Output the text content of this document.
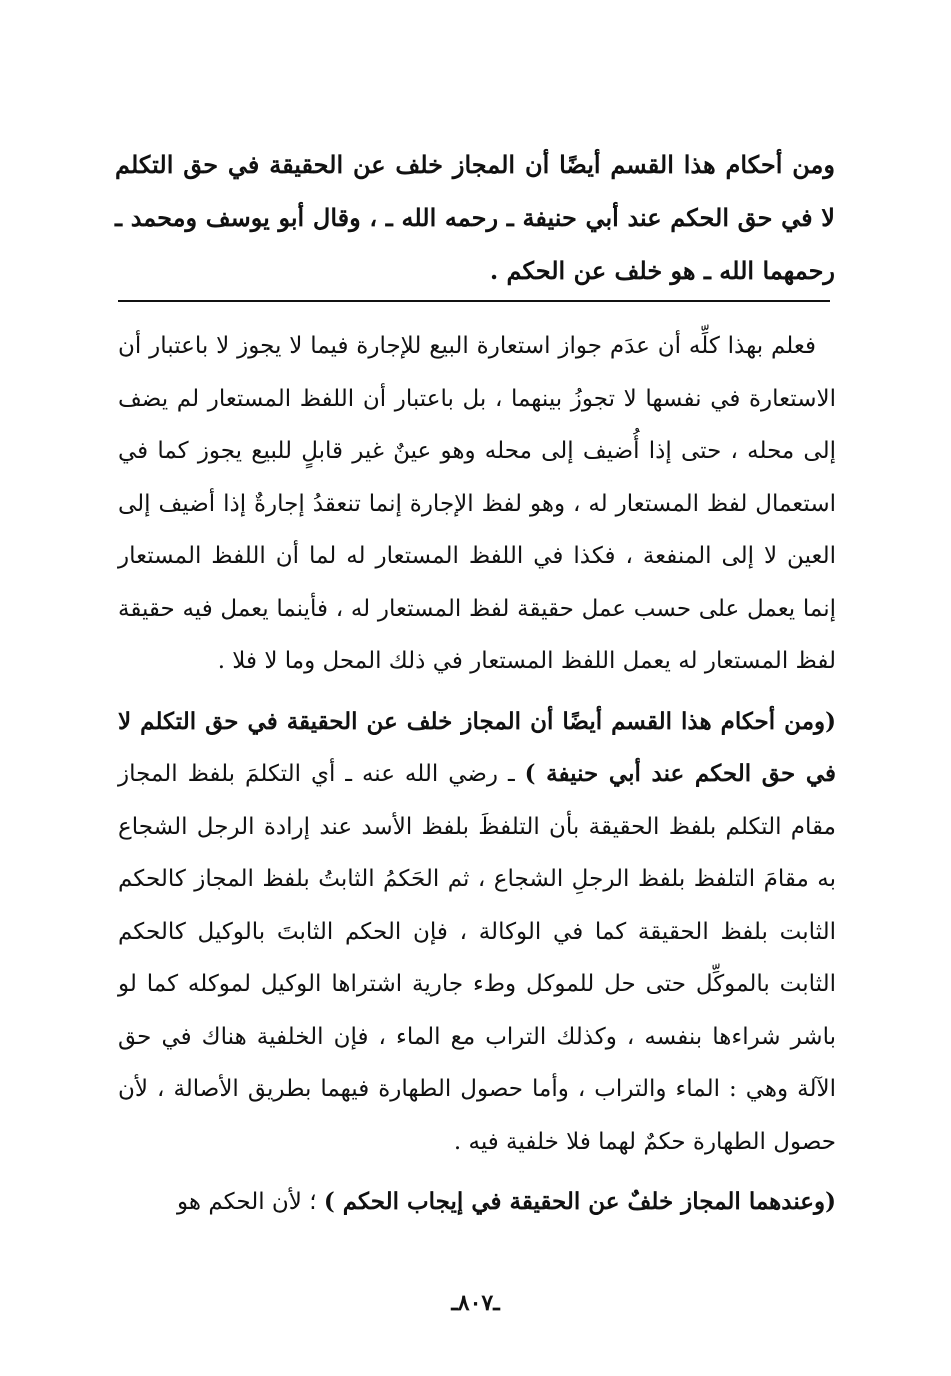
ومن أحكام هذا القسم أيضًا أن المجاز خلف عن الحقيقة في حق التكلم لا في حق الحكم عند أبي حنيفة ـ رحمه الله ـ ، وقال أبو يوسف ومحمد ـ رحمهما الله ـ هو خلف عن الحكم .

فعلم بهذا كلِّه أن عدَم جواز استعارة البيع للإجارة فيما لا يجوز لا باعتبار أن الاستعارة في نفسها لا تجوزُ بينهما ، بل باعتبار أن اللفظ المستعار لم يضف إلى محله ، حتى إذا أُضيف إلى محله وهو عينٌ غير قابلٍ للبيع يجوز كما في استعمال لفظ المستعار له ، وهو لفظ الإجارة إنما تنعقدُ إجارةٌ إذا أضيف إلى العين لا إلى المنفعة ، فكذا في اللفظ المستعار له لما أن اللفظ المستعار إنما يعمل على حسب عمل حقيقة لفظ المستعار له ، فأينما يعمل فيه حقيقة لفظ المستعار له يعمل اللفظ المستعار في ذلك المحل وما لا فلا .

(ومن أحكام هذا القسم أيضًا أن المجاز خلف عن الحقيقة في حق التكلم لا في حق الحكم عند أبي حنيفة ) ـ رضي الله عنه ـ أي التكلمَ بلفظ المجاز مقام التكلم بلفظ الحقيقة بأن التلفظَ بلفظ الأسد عند إرادة الرجل الشجاع به مقامَ التلفظ بلفظ الرجلِ الشجاع ، ثم الحَكمُ الثابتُ بلفظ المجاز كالحكم الثابت بلفظ الحقيقة كما في الوكالة ، فإن الحكم الثابتَ بالوكيل كالحكم الثابت بالموكِّل حتى حل للموكل وطء جارية اشتراها الوكيل لموكله كما لو باشر شراءها بنفسه ، وكذلك التراب مع الماء ، فإن الخلفية هناك في حق الآلة وهي : الماء والتراب ، وأما حصول الطهارة فيهما بطريق الأصالة ، لأن حصول الطهارة حكمٌ لهما فلا خلفية فيه .

(وعندهما المجاز خلفٌ عن الحقيقة في إيجاب الحكم ) ؛ لأن الحكم هو

ـ٨٠٧ـ
